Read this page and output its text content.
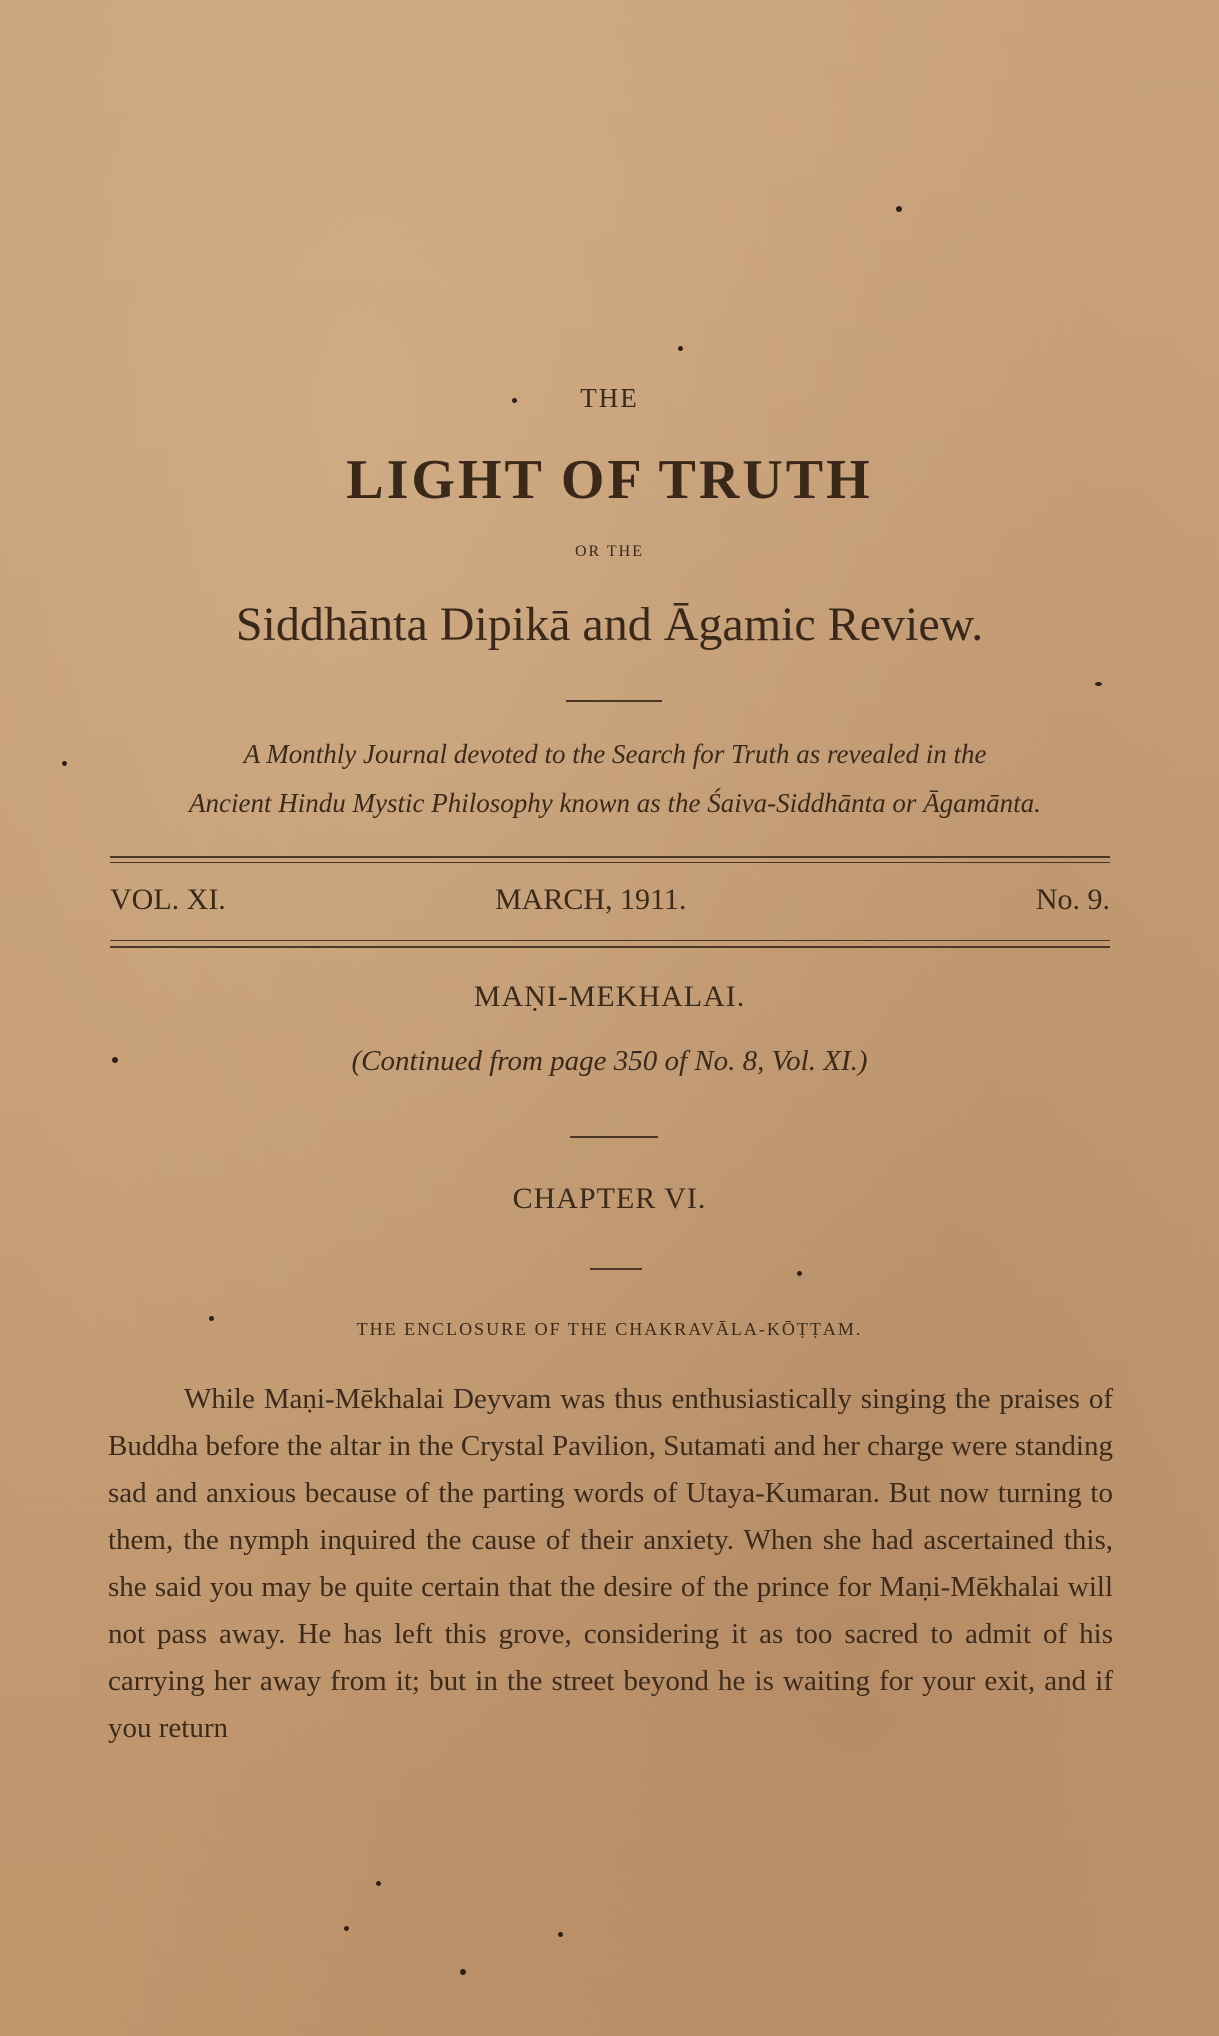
THE
LIGHT OF TRUTH
OR THE
Siddhānta Dipikā and Āgamic Review.
A Monthly Journal devoted to the Search for Truth as revealed in the
Ancient Hindu Mystic Philosophy known as the Śaiva-Siddhānta or Āgamānta.
VOL. XI.	MARCH, 1911.	No. 9.
MAṆI-MEKHALAI.
(Continued from page 350 of No. 8, Vol. XI.)
CHAPTER VI.
THE ENCLOSURE OF THE CHAKRAVĀLA-KŌṬṬAM.
While Maṇi-Mēkhalai Deyvam was thus enthusiastically singing the praises of Buddha before the altar in the Crystal Pavilion, Sutamati and her charge were standing sad and anxious because of the parting words of Utaya-Kumaran. But now turning to them, the nymph inquired the cause of their anxiety. When she had ascertained this, she said you may be quite certain that the desire of the prince for Maṇi-Mēkhalai will not pass away. He has left this grove, considering it as too sacred to admit of his carrying her away from it; but in the street beyond he is waiting for your exit, and if you return
